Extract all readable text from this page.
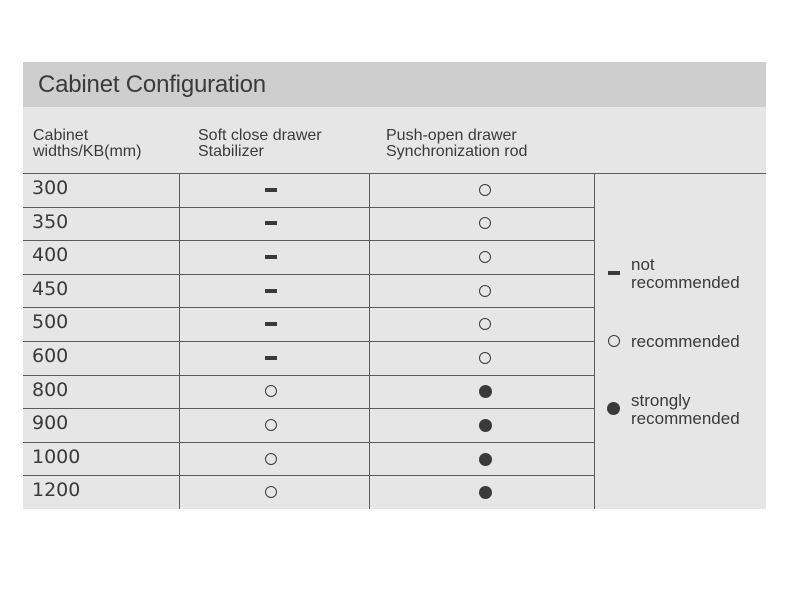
Cabinet Configuration
Cabinet
widths/KB(mm)
Soft close drawer
Stabilizer
Push-open drawer
Synchronization rod
not
recommended
recommended
strongly
recommended
300
350
400
450
500
600
800
900
1000
1200
